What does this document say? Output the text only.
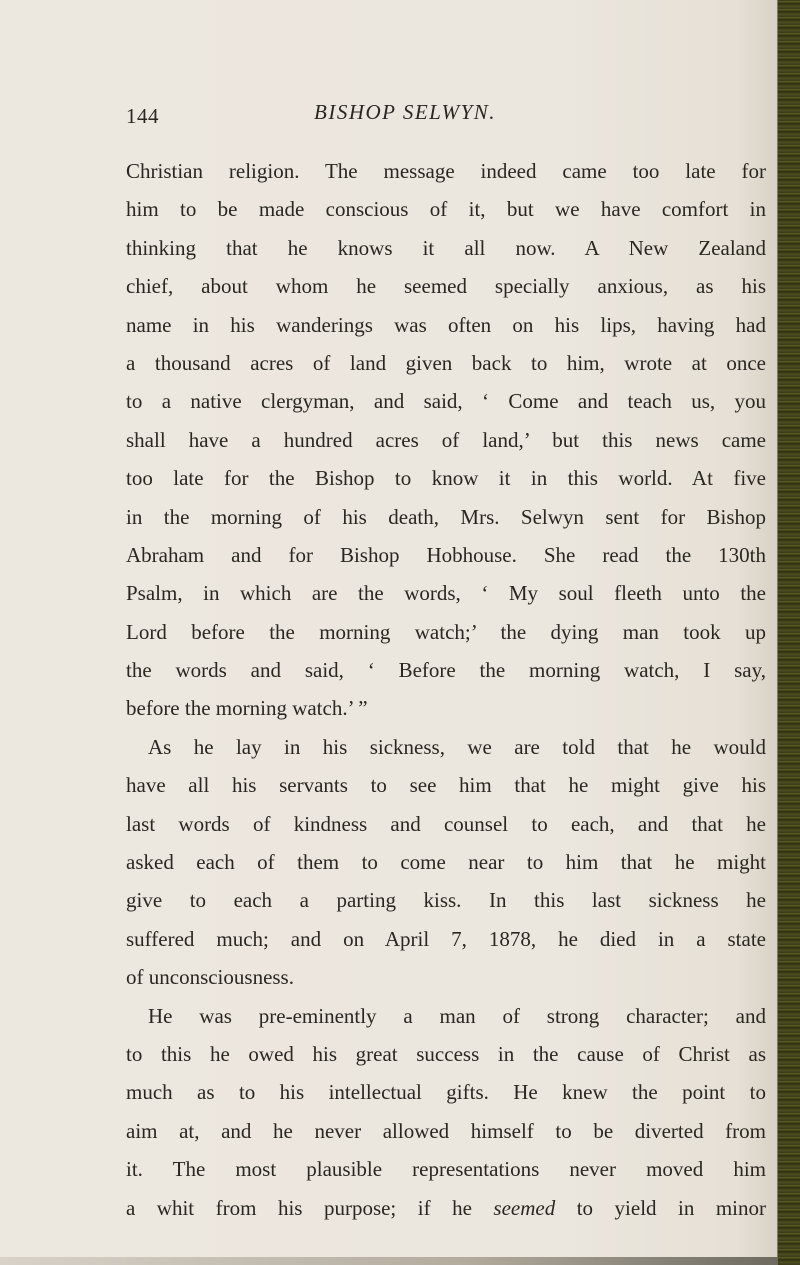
144	BISHOP SELWYN.
Christian religion. The message indeed came too late for
him to be made conscious of it, but we have comfort in
thinking that he knows it all now. A New Zealand
chief, about whom he seemed specially anxious, as his
name in his wanderings was often on his lips, having had
a thousand acres of land given back to him, wrote at once
to a native clergyman, and said, ‘ Come and teach us, you
shall have a hundred acres of land,’ but this news came
too late for the Bishop to know it in this world. At five
in the morning of his death, Mrs. Selwyn sent for Bishop
Abraham and for Bishop Hobhouse. She read the 130th
Psalm, in which are the words, ‘ My soul fleeth unto the
Lord before the morning watch;’ the dying man took up
the words and said, ‘ Before the morning watch, I say,
before the morning watch.’ ”
As he lay in his sickness, we are told that he would
have all his servants to see him that he might give his
last words of kindness and counsel to each, and that he
asked each of them to come near to him that he might
give to each a parting kiss. In this last sickness he
suffered much; and on April 7, 1878, he died in a state
of unconsciousness.
He was pre-eminently a man of strong character; and
to this he owed his great success in the cause of Christ as
much as to his intellectual gifts. He knew the point to
aim at, and he never allowed himself to be diverted from
it. The most plausible representations never moved him
a whit from his purpose; if he seemed to yield in minor
